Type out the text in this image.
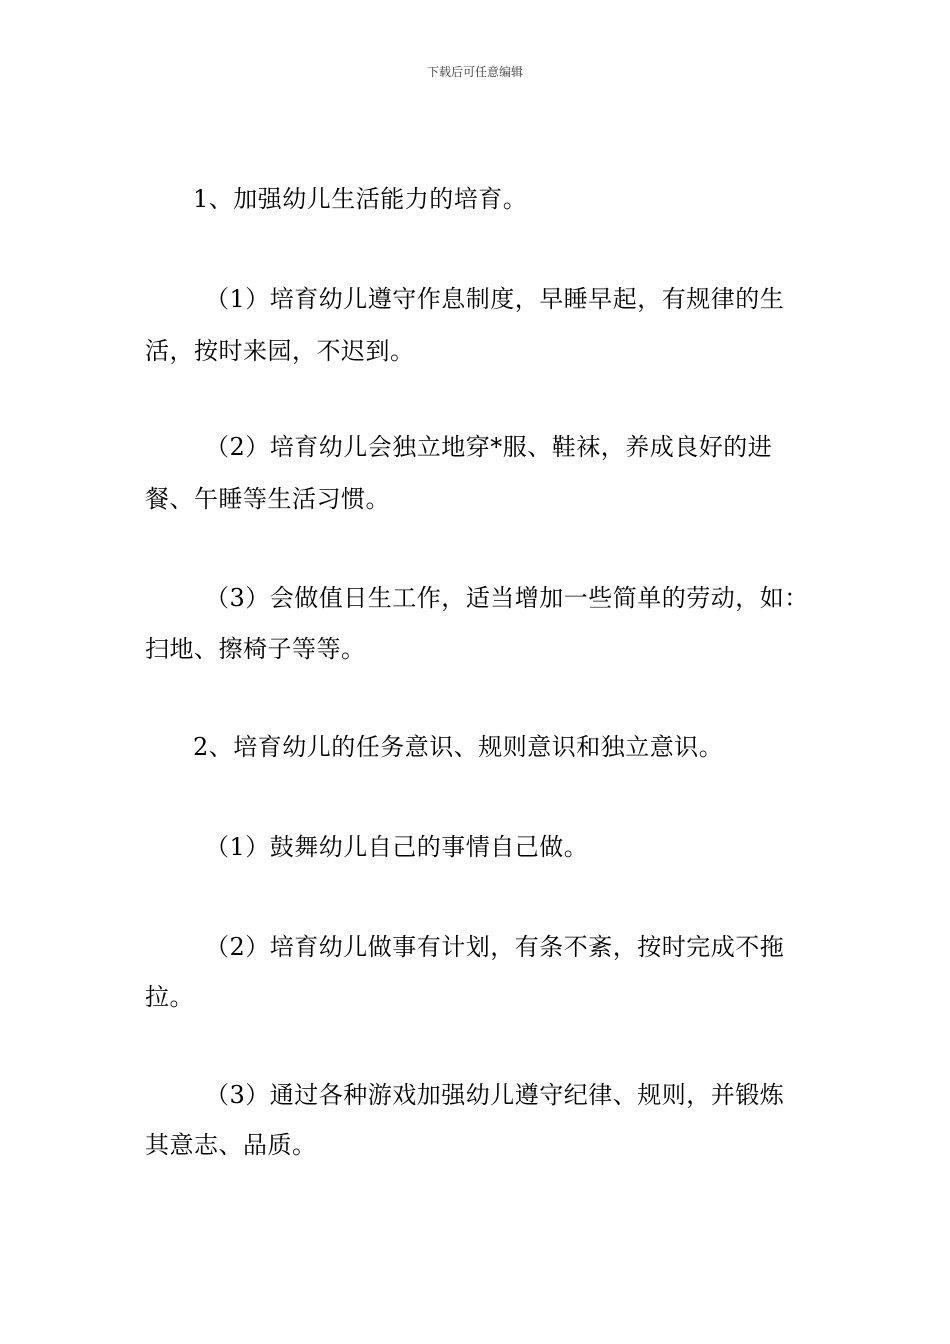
下载后可任意编辑
1、加强幼儿生活能力的培育。
（1）培育幼儿遵守作息制度，早睡早起，有规律的生
活，按时来园，不迟到。
（2）培育幼儿会独立地穿*服、鞋袜，养成良好的进
餐、午睡等生活习惯。
（3）会做值日生工作，适当增加一些简单的劳动，如：
扫地、擦椅子等等。
2、培育幼儿的任务意识、规则意识和独立意识。
（1）鼓舞幼儿自己的事情自己做。
（2）培育幼儿做事有计划，有条不紊，按时完成不拖
拉。
（3）通过各种游戏加强幼儿遵守纪律、规则，并锻炼
其意志、品质。
